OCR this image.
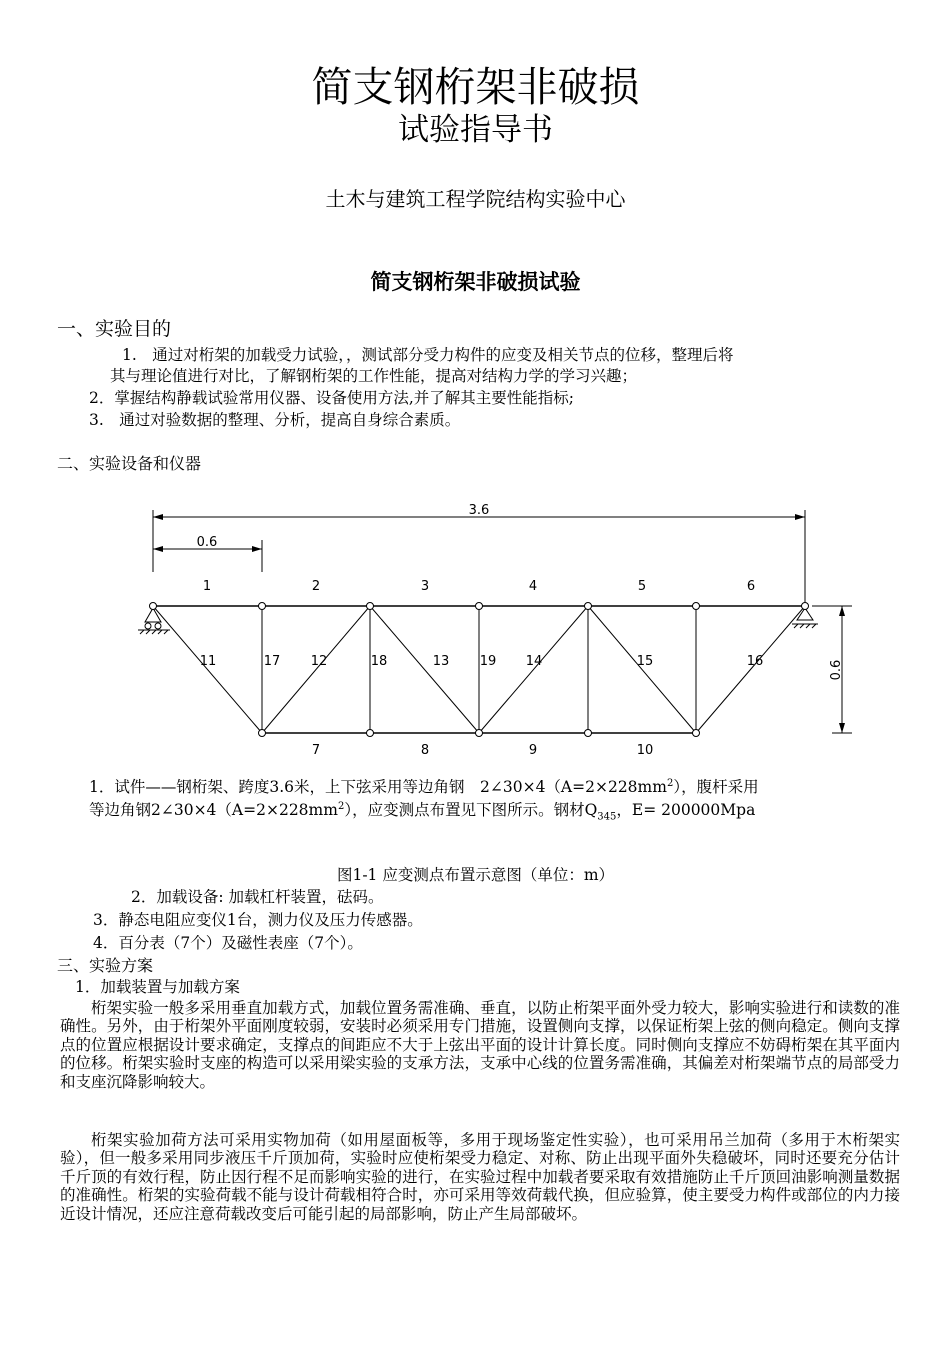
简支钢桁架非破损
试验指导书
土木与建筑工程学院结构实验中心
简支钢桁架非破损试验
一、实验目的
1.　通过对桁架的加载受力试验，，测试部分受力构件的应变及相关节点的位移，整理后将
其与理论值进行对比，了解钢桁架的工作性能，提高对结构力学的学习兴趣；
2．掌握结构静载试验常用仪器、设备使用方法,并了解其主要性能指标;
3.　通过对验数据的整理、分析，提高自身综合素质。
二、实验设备和仪器
3.6
0.6
0.6
1	2	3	4	5	6
7	8	9	10
11	12	13	14	15	16
17	18	19
1．试件——钢桁架、跨度3.6米，上下弦采用等边角钢　$2\angle 30\times 4(A=2\times 228mm^2)$，腹杆采用
等边角钢$2\angle 30\times 4(A=2\times 228mm^2)$，应变测点布置见下图所示。钢材$Q_{345}$，E= 200000Mpa
图1-1 应变测点布置示意图（单位：m）
2．加载设备: 加载杠杆装置，砝码。
3．静态电阻应变仪1台，测力仪及压力传感器。
4．百分表（7个）及磁性表座（7个）。
三、实验方案
1．加载装置与加载方案
桁架实验一般多采用垂直加载方式，加载位置务需准确、垂直，以防止桁架平面外受力较大，影响实验进行和读数的准确性。另外，由于桁架外平面刚度较弱，安装时必须采用专门措施，设置侧向支撑，以保证桁架上弦的侧向稳定。侧向支撑点的位置应根据设计要求确定，支撑点的间距应不大于上弦出平面的设计计算长度。同时侧向支撑应不妨碍桁架在其平面内的位移。桁架实验时支座的构造可以采用梁实验的支承方法，支承中心线的位置务需准确，其偏差对桁架端节点的局部受力和支座沉降影响较大。
桁架实验加荷方法可采用实物加荷（如用屋面板等，多用于现场鉴定性实验），也可采用吊兰加荷（多用于木桁架实验），但一般多采用同步液压千斤顶加荷，实验时应使桁架受力稳定、对称、防止出现平面外失稳破坏，同时还要充分估计千斤顶的有效行程，防止因行程不足而影响实验的进行，在实验过程中加载者要采取有效措施防止千斤顶回油影响测量数据的准确性。桁架的实验荷载不能与设计荷载相符合时，亦可采用等效荷载代换，但应验算，使主要受力构件或部位的内力接近设计情况，还应注意荷载改变后可能引起的局部影响，防止产生局部破坏。
